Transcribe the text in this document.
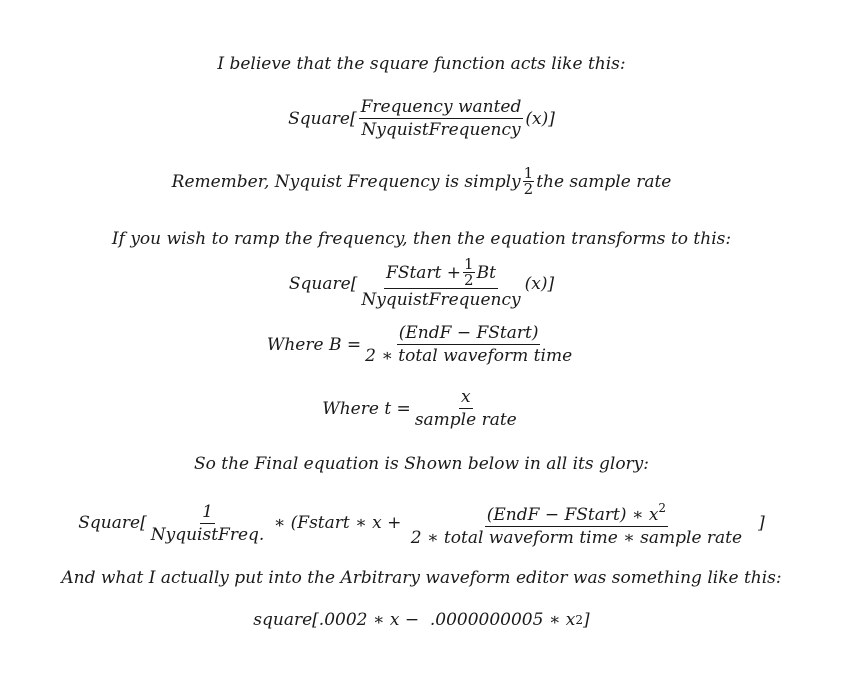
I believe that the square function acts like this:
Square[ $\frac{\text{Frequency wanted}}{\text{NyquistFrequency}} (x)$]
Remember, Nyquist Frequency is simply $\frac{1}{2}$ the sample rate
If you wish to ramp the frequency, then the equation transforms to this:
Square[
FStart + $\frac{1}{2}$ Bt
NyquistFrequency
(x)]
Where $B = \frac{\text{(EndF − FStart)}}{\text{2 ∗ total waveform time}}$
Where $t = \frac{x}{\text{sample rate}}$
So the Final equation is Shown below in all its glory:
Square[ $\frac{1}{\text{NyquistFreq.}}$ ∗ (Fstart ∗ $x + \frac{(EndF - FStart) ∗ x^2}{\text{2 ∗ total waveform time ∗ sample rate}}$ ]
And what I actually put into the Arbitrary waveform editor was something like this:
square[.0002 ∗ x −  .0000000005 ∗ x 2 ]
